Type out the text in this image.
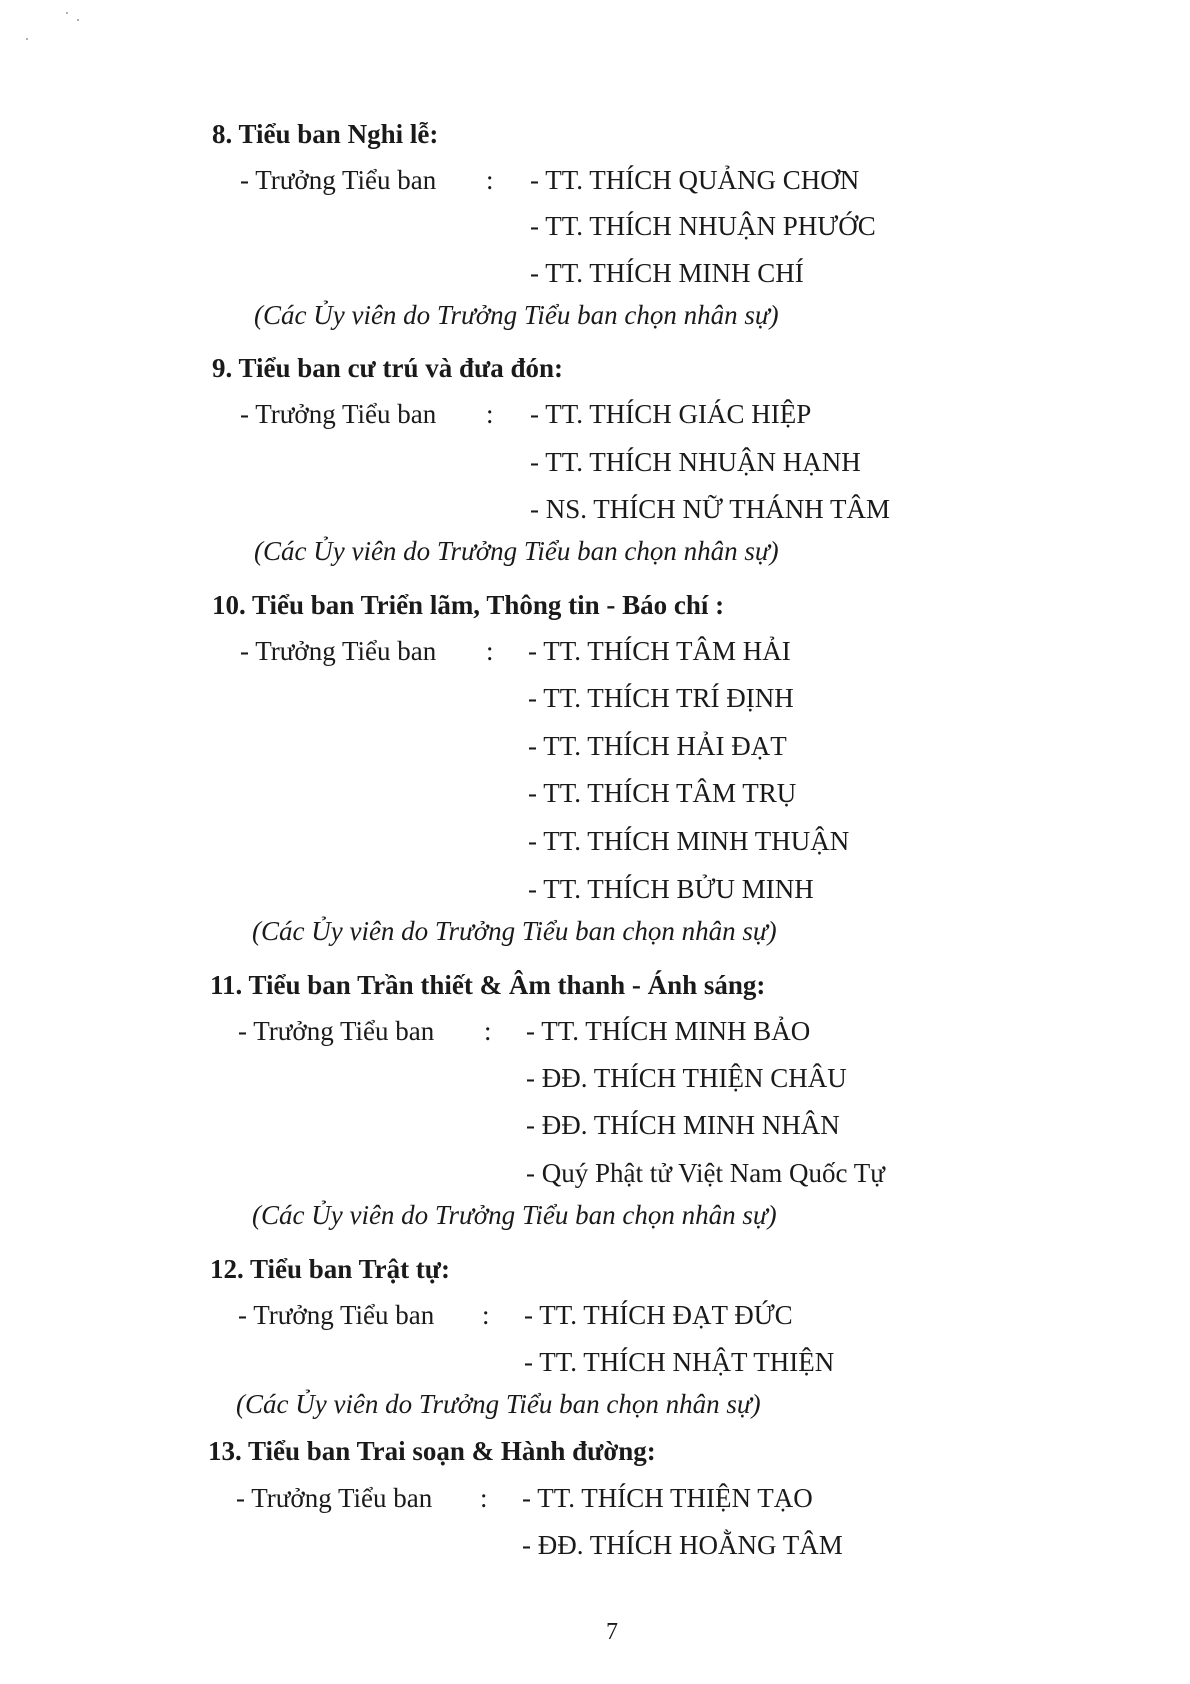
8. Tiểu ban Nghi lễ:
- Trưởng Tiểu ban : - TT. THÍCH QUẢNG CHƠN
- TT. THÍCH NHUẬN PHƯỚC
- TT. THÍCH MINH CHÍ
(Các Ủy viên do Trưởng Tiểu ban chọn nhân sự)
9. Tiểu ban cư trú và đưa đón:
- Trưởng Tiểu ban : - TT. THÍCH GIÁC HIỆP
- TT. THÍCH NHUẬN HẠNH
- NS. THÍCH NỮ THÁNH TÂM
(Các Ủy viên do Trưởng Tiểu ban chọn nhân sự)
10. Tiểu ban Triển lãm, Thông tin - Báo chí :
- Trưởng Tiểu ban : - TT. THÍCH TÂM HẢI
- TT. THÍCH TRÍ ĐỊNH
- TT. THÍCH HẢI ĐẠT
- TT. THÍCH TÂM TRỤ
- TT. THÍCH MINH THUẬN
- TT. THÍCH BỬU MINH
(Các Ủy viên do Trưởng Tiểu ban chọn nhân sự)
11. Tiểu ban Trần thiết & Âm thanh - Ánh sáng:
- Trưởng Tiểu ban : - TT. THÍCH MINH BẢO
- ĐĐ. THÍCH THIỆN CHÂU
- ĐĐ. THÍCH MINH NHÂN
- Quý Phật tử Việt Nam Quốc Tự
(Các Ủy viên do Trưởng Tiểu ban chọn nhân sự)
12. Tiểu ban Trật tự:
- Trưởng Tiểu ban : - TT. THÍCH ĐẠT ĐỨC
- TT. THÍCH NHẬT THIỆN
(Các Ủy viên do Trưởng Tiểu ban chọn nhân sự)
13. Tiểu ban Trai soạn & Hành đường:
- Trưởng Tiểu ban : - TT. THÍCH THIỆN TẠO
- ĐĐ. THÍCH HOẰNG TÂM
7
